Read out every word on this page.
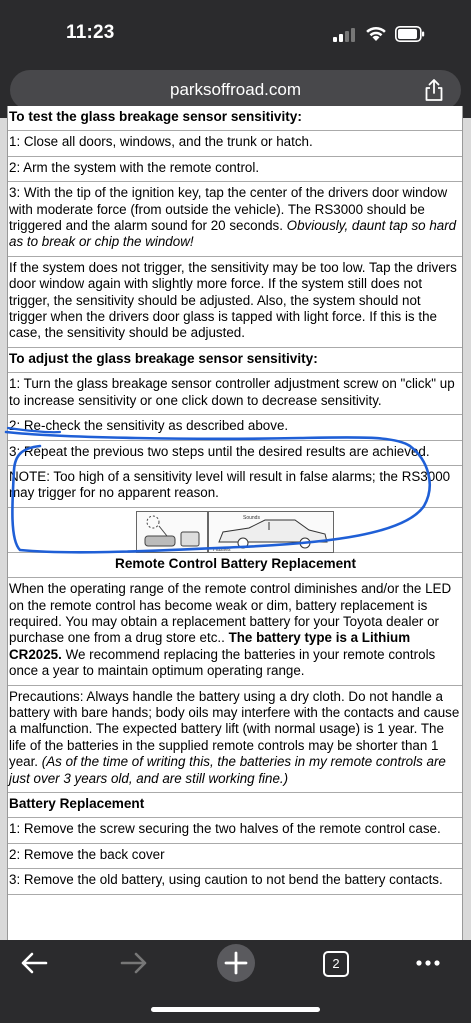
11:23
parksoffroad.com
To test the glass breakage sensor sensitivity:
1: Close all doors, windows, and the trunk or hatch.
2: Arm the system with the remote control.
3: With the tip of the ignition key, tap the center of the drivers door window with moderate force (from outside the vehicle). The RS3000 should be triggered and the alarm sound for 20 seconds. Obviously, daunt tap so hard as to break or chip the window!
If the system does not trigger, the sensitivity may be too low. Tap the drivers door window again with slightly more force. If the system still does not trigger, the sensitivity should be adjusted. Also, the system should not trigger when the drivers door glass is tapped with light force. If this is the case, the sensitivity should be adjusted.
To adjust the glass breakage sensor sensitivity:
1: Turn the glass breakage sensor controller adjustment screw on "click" up to increase sensitivity or one click down to decrease sensitivity.
2: Re-check the sensitivity as described above.
3: Repeat the previous two steps until the desired results are achieved.
NOTE: Too high of a sensitivity level will result in false alarms; the RS3000 may trigger for no apparent reason.
Sounds
Flashes
Remote Control Battery Replacement
When the operating range of the remote control diminishes and/or the LED on the remote control has become weak or dim, battery replacement is required. You may obtain a replacement battery for your Toyota dealer or purchase one from a drug store etc.. The battery type is a Lithium CR2025. We recommend replacing the batteries in your remote controls once a year to maintain optimum operating range.
Precautions: Always handle the battery using a dry cloth. Do not handle a battery with bare hands; body oils may interfere with the contacts and cause a malfunction. The expected battery lift (with normal usage) is 1 year. The life of the batteries in the supplied remote controls may be shorter than 1 year. (As of the time of writing this, the batteries in my remote controls are just over 3 years old, and are still working fine.)
Battery Replacement
1: Remove the screw securing the two halves of the remote control case.
2: Remove the back cover
3: Remove the old battery, using caution to not bend the battery contacts.
2
